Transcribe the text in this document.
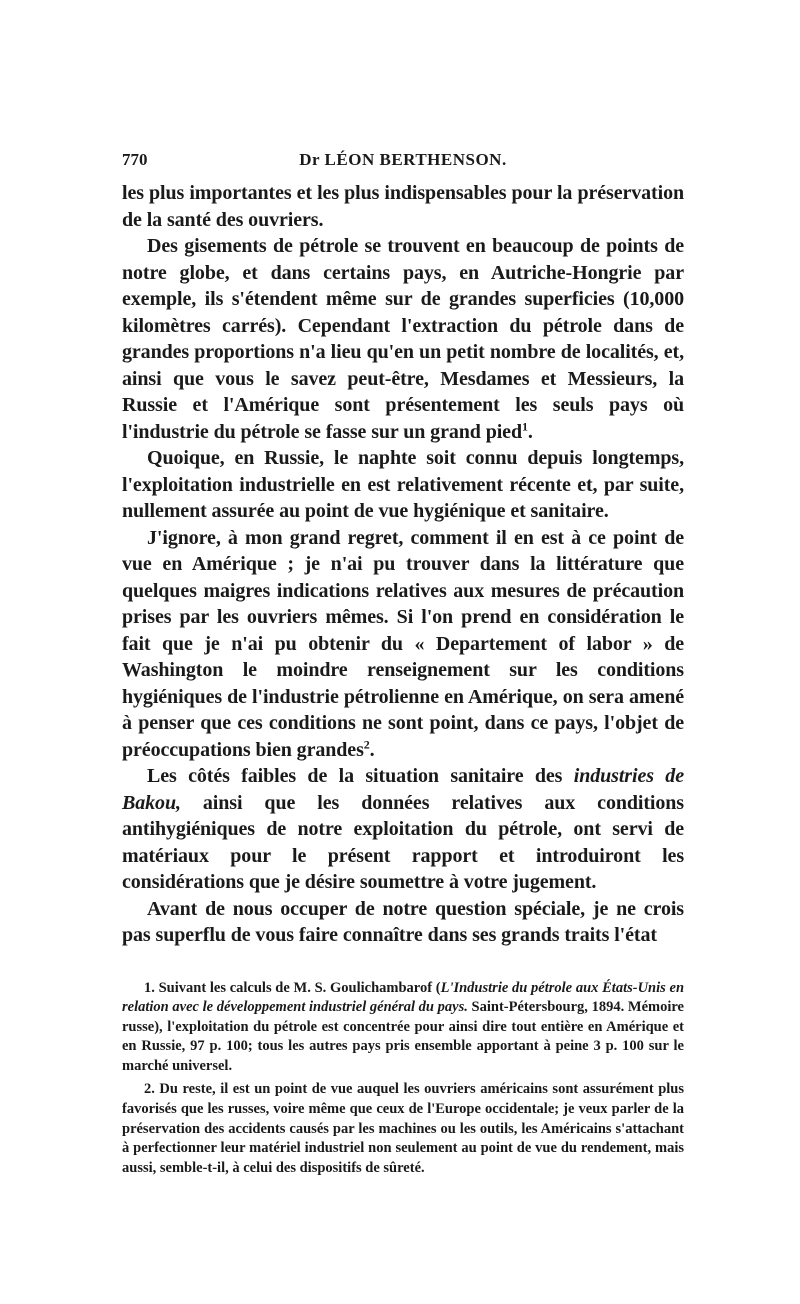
770	Dr LÉON BERTHENSON.

les plus importantes et les plus indispensables pour la préservation de la santé des ouvriers.

Des gisements de pétrole se trouvent en beaucoup de points de notre globe, et dans certains pays, en Autriche-Hongrie par exemple, ils s'étendent même sur de grandes superficies (10,000 kilomètres carrés). Cependant l'extraction du pétrole dans de grandes proportions n'a lieu qu'en un petit nombre de localités, et, ainsi que vous le savez peut-être, Mesdames et Messieurs, la Russie et l'Amérique sont présentement les seuls pays où l'industrie du pétrole se fasse sur un grand pied$^1$.

Quoique, en Russie, le naphte soit connu depuis longtemps, l'exploitation industrielle en est relativement récente et, par suite, nullement assurée au point de vue hygiénique et sanitaire.

J'ignore, à mon grand regret, comment il en est à ce point de vue en Amérique ; je n'ai pu trouver dans la littérature que quelques maigres indications relatives aux mesures de précaution prises par les ouvriers mêmes. Si l'on prend en considération le fait que je n'ai pu obtenir du « Departement of labor » de Washington le moindre renseignement sur les conditions hygiéniques de l'industrie pétrolienne en Amérique, on sera amené à penser que ces conditions ne sont point, dans ce pays, l'objet de préoccupations bien grandes$^2$.

Les côtés faibles de la situation sanitaire des industries de Bakou, ainsi que les données relatives aux conditions antihygiéniques de notre exploitation du pétrole, ont servi de matériaux pour le présent rapport et introduiront les considérations que je désire soumettre à votre jugement.

Avant de nous occuper de notre question spéciale, je ne crois pas superflu de vous faire connaître dans ses grands traits l'état

1. Suivant les calculs de M. S. Goulichambarof (L'Industrie du pétrole aux États-Unis en relation avec le développement industriel général du pays. Saint-Pétersbourg, 1894. Mémoire russe), l'exploitation du pétrole est concentrée pour ainsi dire tout entière en Amérique et en Russie, 97 p. 100; tous les autres pays pris ensemble apportant à peine 3 p. 100 sur le marché universel.

2. Du reste, il est un point de vue auquel les ouvriers américains sont assurément plus favorisés que les russes, voire même que ceux de l'Europe occidentale; je veux parler de la préservation des accidents causés par les machines ou les outils, les Américains s'attachant à perfectionner leur matériel industriel non seulement au point de vue du rendement, mais aussi, semble-t-il, à celui des dispositifs de sûreté.
